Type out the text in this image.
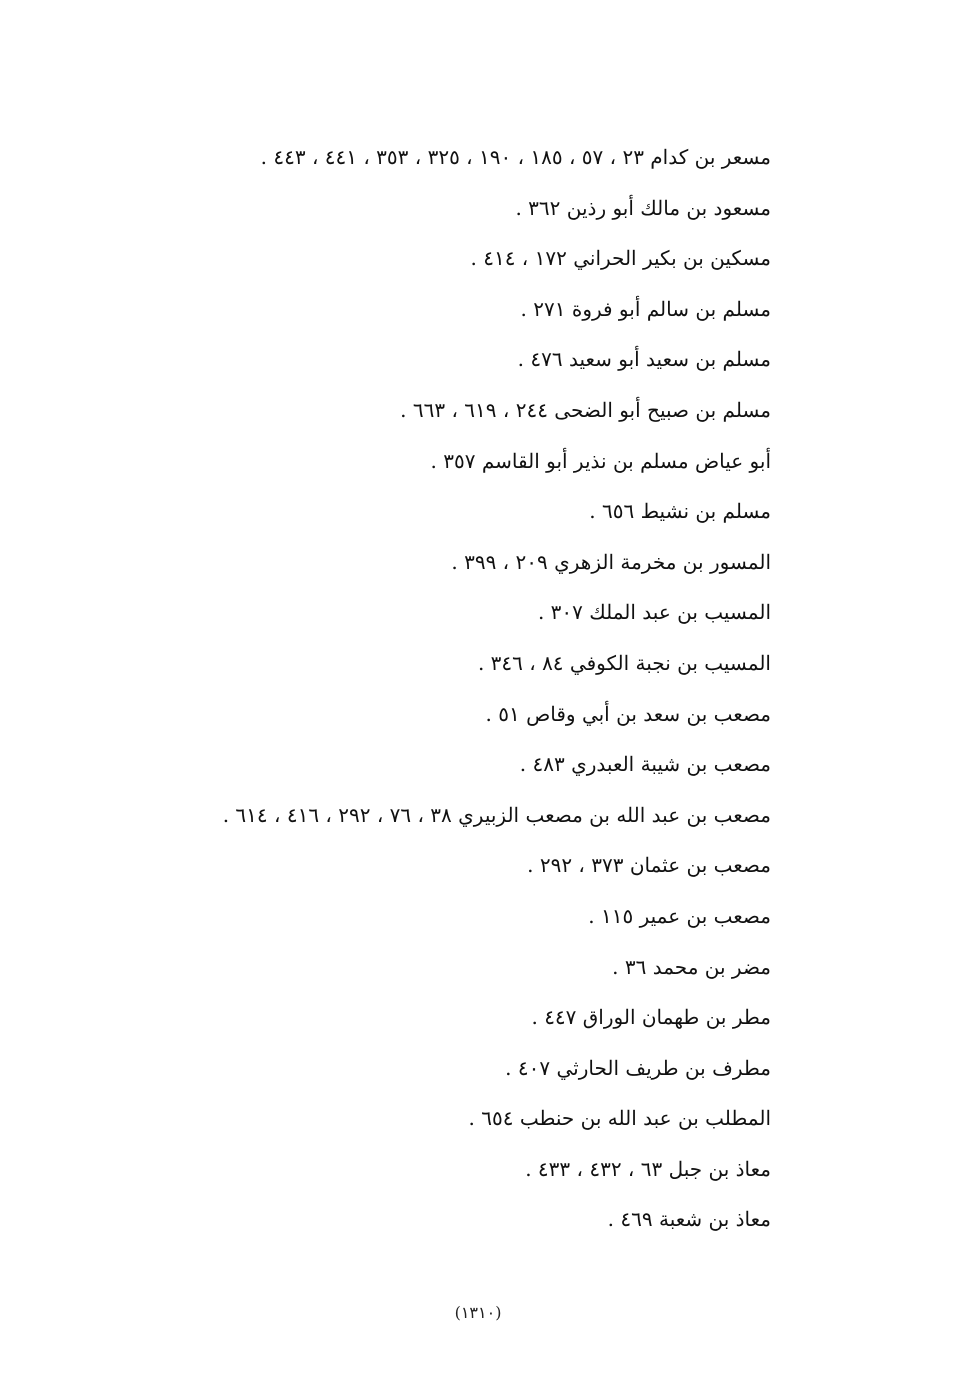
مسعر بن كدام ٢٣ ، ٥٧ ، ١٨٥ ، ١٩٠ ، ٣٢٥ ، ٣٥٣ ، ٤٤١ ، ٤٤٣ .
مسعود بن مالك أبو رذين ٣٦٢ .
مسكين بن بكير الحراني ١٧٢ ، ٤١٤ .
مسلم بن سالم أبو فروة ٢٧١ .
مسلم بن سعيد أبو سعيد ٤٧٦ .
مسلم بن صبيح أبو الضحى ٢٤٤ ، ٦١٩ ، ٦٦٣ .
أبو عياض مسلم بن نذير أبو القاسم ٣٥٧ .
مسلم بن نشيط ٦٥٦ .
المسور بن مخرمة الزهري ٢٠٩ ، ٣٩٩ .
المسيب بن عبد الملك ٣٠٧ .
المسيب بن نجبة الكوفي ٨٤ ، ٣٤٦ .
مصعب بن سعد بن أبي وقاص ٥١ .
مصعب بن شيبة العبدري ٤٨٣ .
مصعب بن عبد الله بن مصعب الزبيري ٣٨ ، ٧٦ ، ٢٩٢ ، ٤١٦ ، ٦١٤ .
مصعب بن عثمان ٣٧٣ ، ٢٩٢ .
مصعب بن عمير ١١٥ .
مضر بن محمد ٣٦ .
مطر بن طهمان الوراق ٤٤٧ .
مطرف بن طريف الحارثي ٤٠٧ .
المطلب بن عبد الله بن حنطب ٦٥٤ .
معاذ بن جبل ٦٣ ، ٤٣٢ ، ٤٣٣ .
معاذ بن شعبة ٤٦٩ .
(١٣١٠)
